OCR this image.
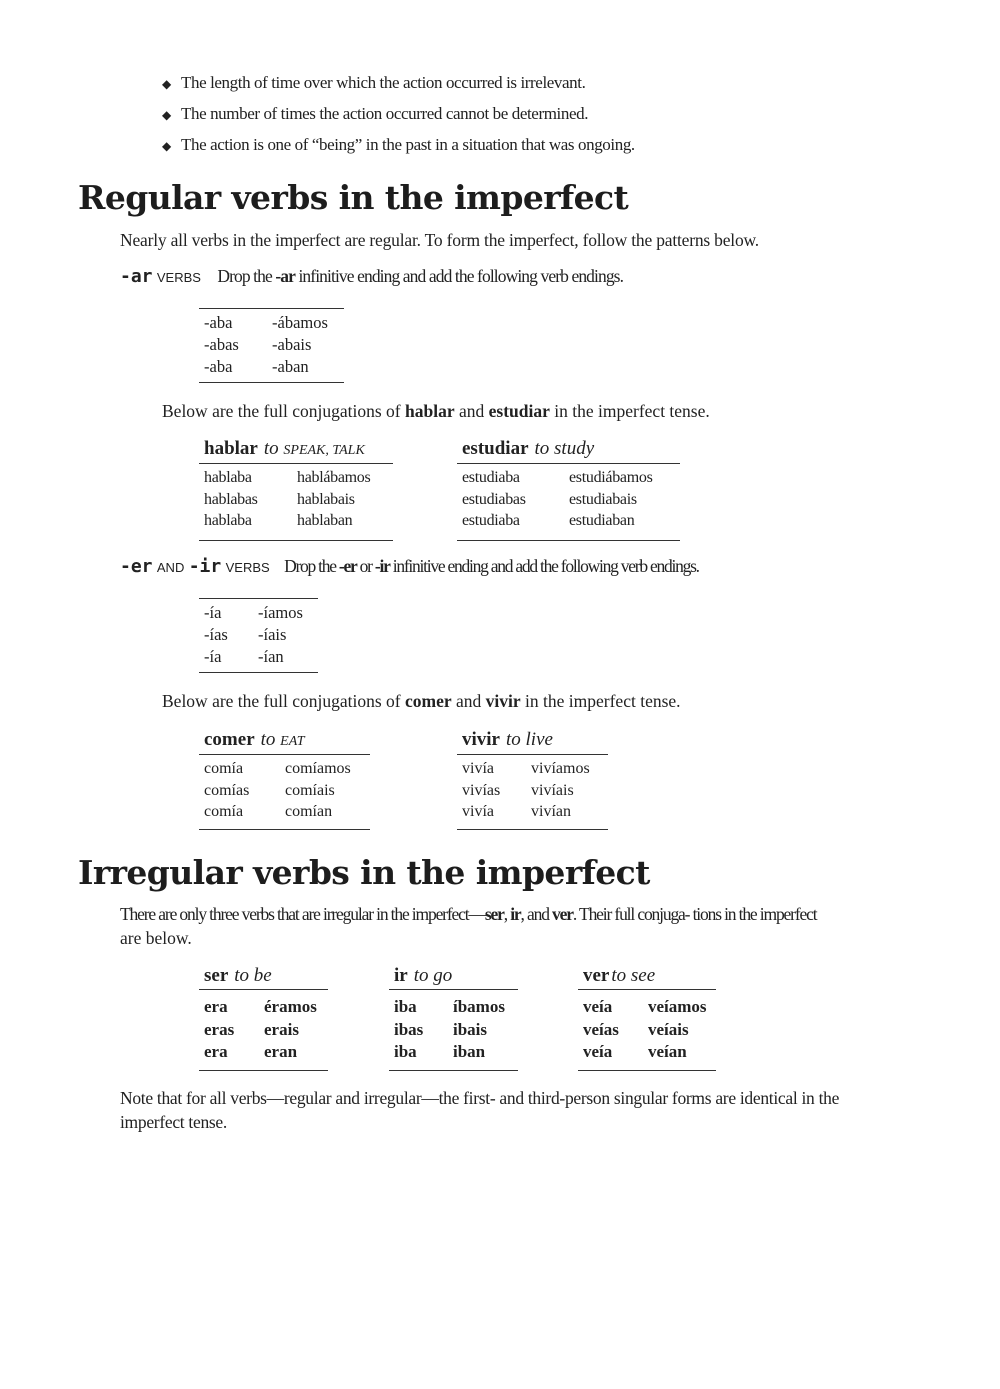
◆ The length of time over which the action occurred is irrelevant.
◆ The number of times the action occurred cannot be determined.
◆ The action is one of “being” in the past in a situation that was ongoing.
Regular verbs in the imperfect
Nearly all verbs in the imperfect are regular. To form the imperfect, follow the patterns below.
-ar VERBS Drop the -ar infinitive ending and add the following verb endings.
-aba	-ábamos
-abas	-abais
-aba	-aban
Below are the full conjugations of hablar and estudiar in the imperfect tense.
hablar to SPEAK, TALK
hablaba	hablábamos
hablabas	hablabais
hablaba	hablaban
estudiar to study
estudiaba	estudiábamos
estudiabas	estudiabais
estudiaba	estudiaban
-er AND -ir VERBS Drop the -er or -ir infinitive ending and add the following verb endings.
-ía	-íamos
-ías	-íais
-ía	-ían
Below are the full conjugations of comer and vivir in the imperfect tense.
comer to EAT
comía	comíamos
comías	comíais
comía	comían
vivir to live
vivía	vivíamos
vivías	vivíais
vivía	vivían
Irregular verbs in the imperfect
There are only three verbs that are irregular in the imperfect—ser, ir, and ver. Their full conjuga- tions in the imperfect
are below.
ser to be
era	éramos
eras	erais
era	eran
ir to go
iba	íbamos
ibas	ibais
iba	iban
ver to see
veía	veíamos
veías	veíais
veía	veían
Note that for all verbs—regular and irregular—the first- and third-person singular forms are identical in the
imperfect tense.
